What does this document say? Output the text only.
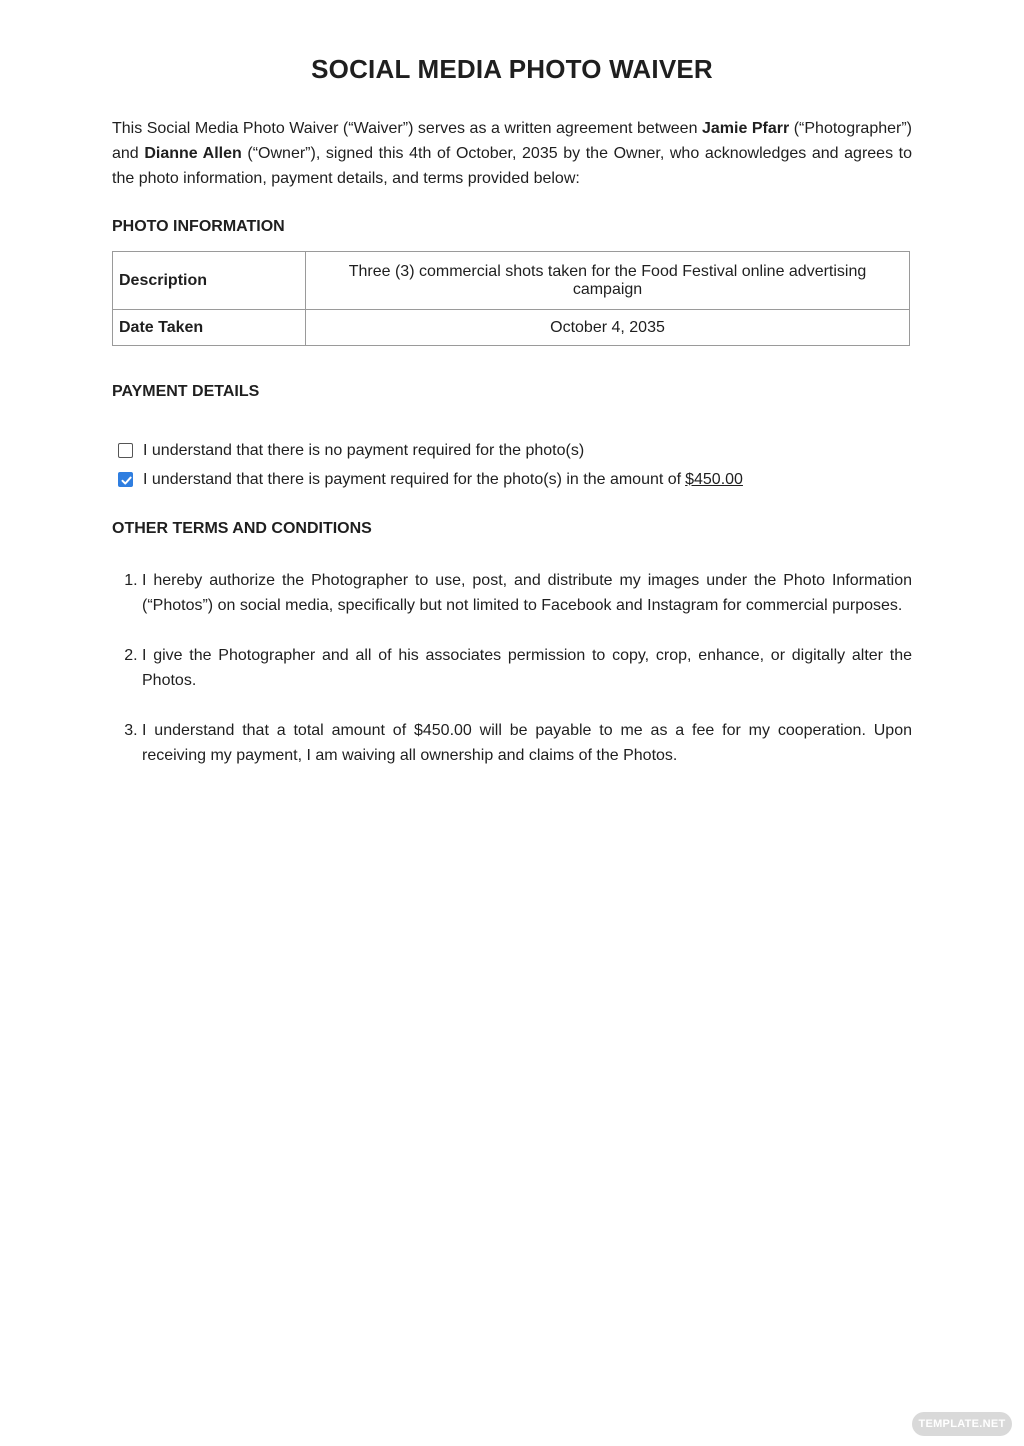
SOCIAL MEDIA PHOTO WAIVER

This Social Media Photo Waiver (“Waiver”) serves as a written agreement between Jamie Pfarr (“Photographer”) and Dianne Allen (“Owner”), signed this 4th of October, 2035 by the Owner, who acknowledges and agrees to the photo information, payment details, and terms provided below:

PHOTO INFORMATION
Description	Three (3) commercial shots taken for the Food Festival online advertising campaign
Date Taken	October 4, 2035
PAYMENT DETAILS
I understand that there is no payment required for the photo(s)
I understand that there is payment required for the photo(s) in the amount of $450.00
OTHER TERMS AND CONDITIONS
1. I hereby authorize the Photographer to use, post, and distribute my images under the Photo Information (“Photos”) on social media, specifically but not limited to Facebook and Instagram for commercial purposes.
2. I give the Photographer and all of his associates permission to copy, crop, enhance, or digitally alter the Photos.
3. I understand that a total amount of $450.00 will be payable to me as a fee for my cooperation. Upon receiving my payment, I am waiving all ownership and claims of the Photos.
TEMPLATE.NET
